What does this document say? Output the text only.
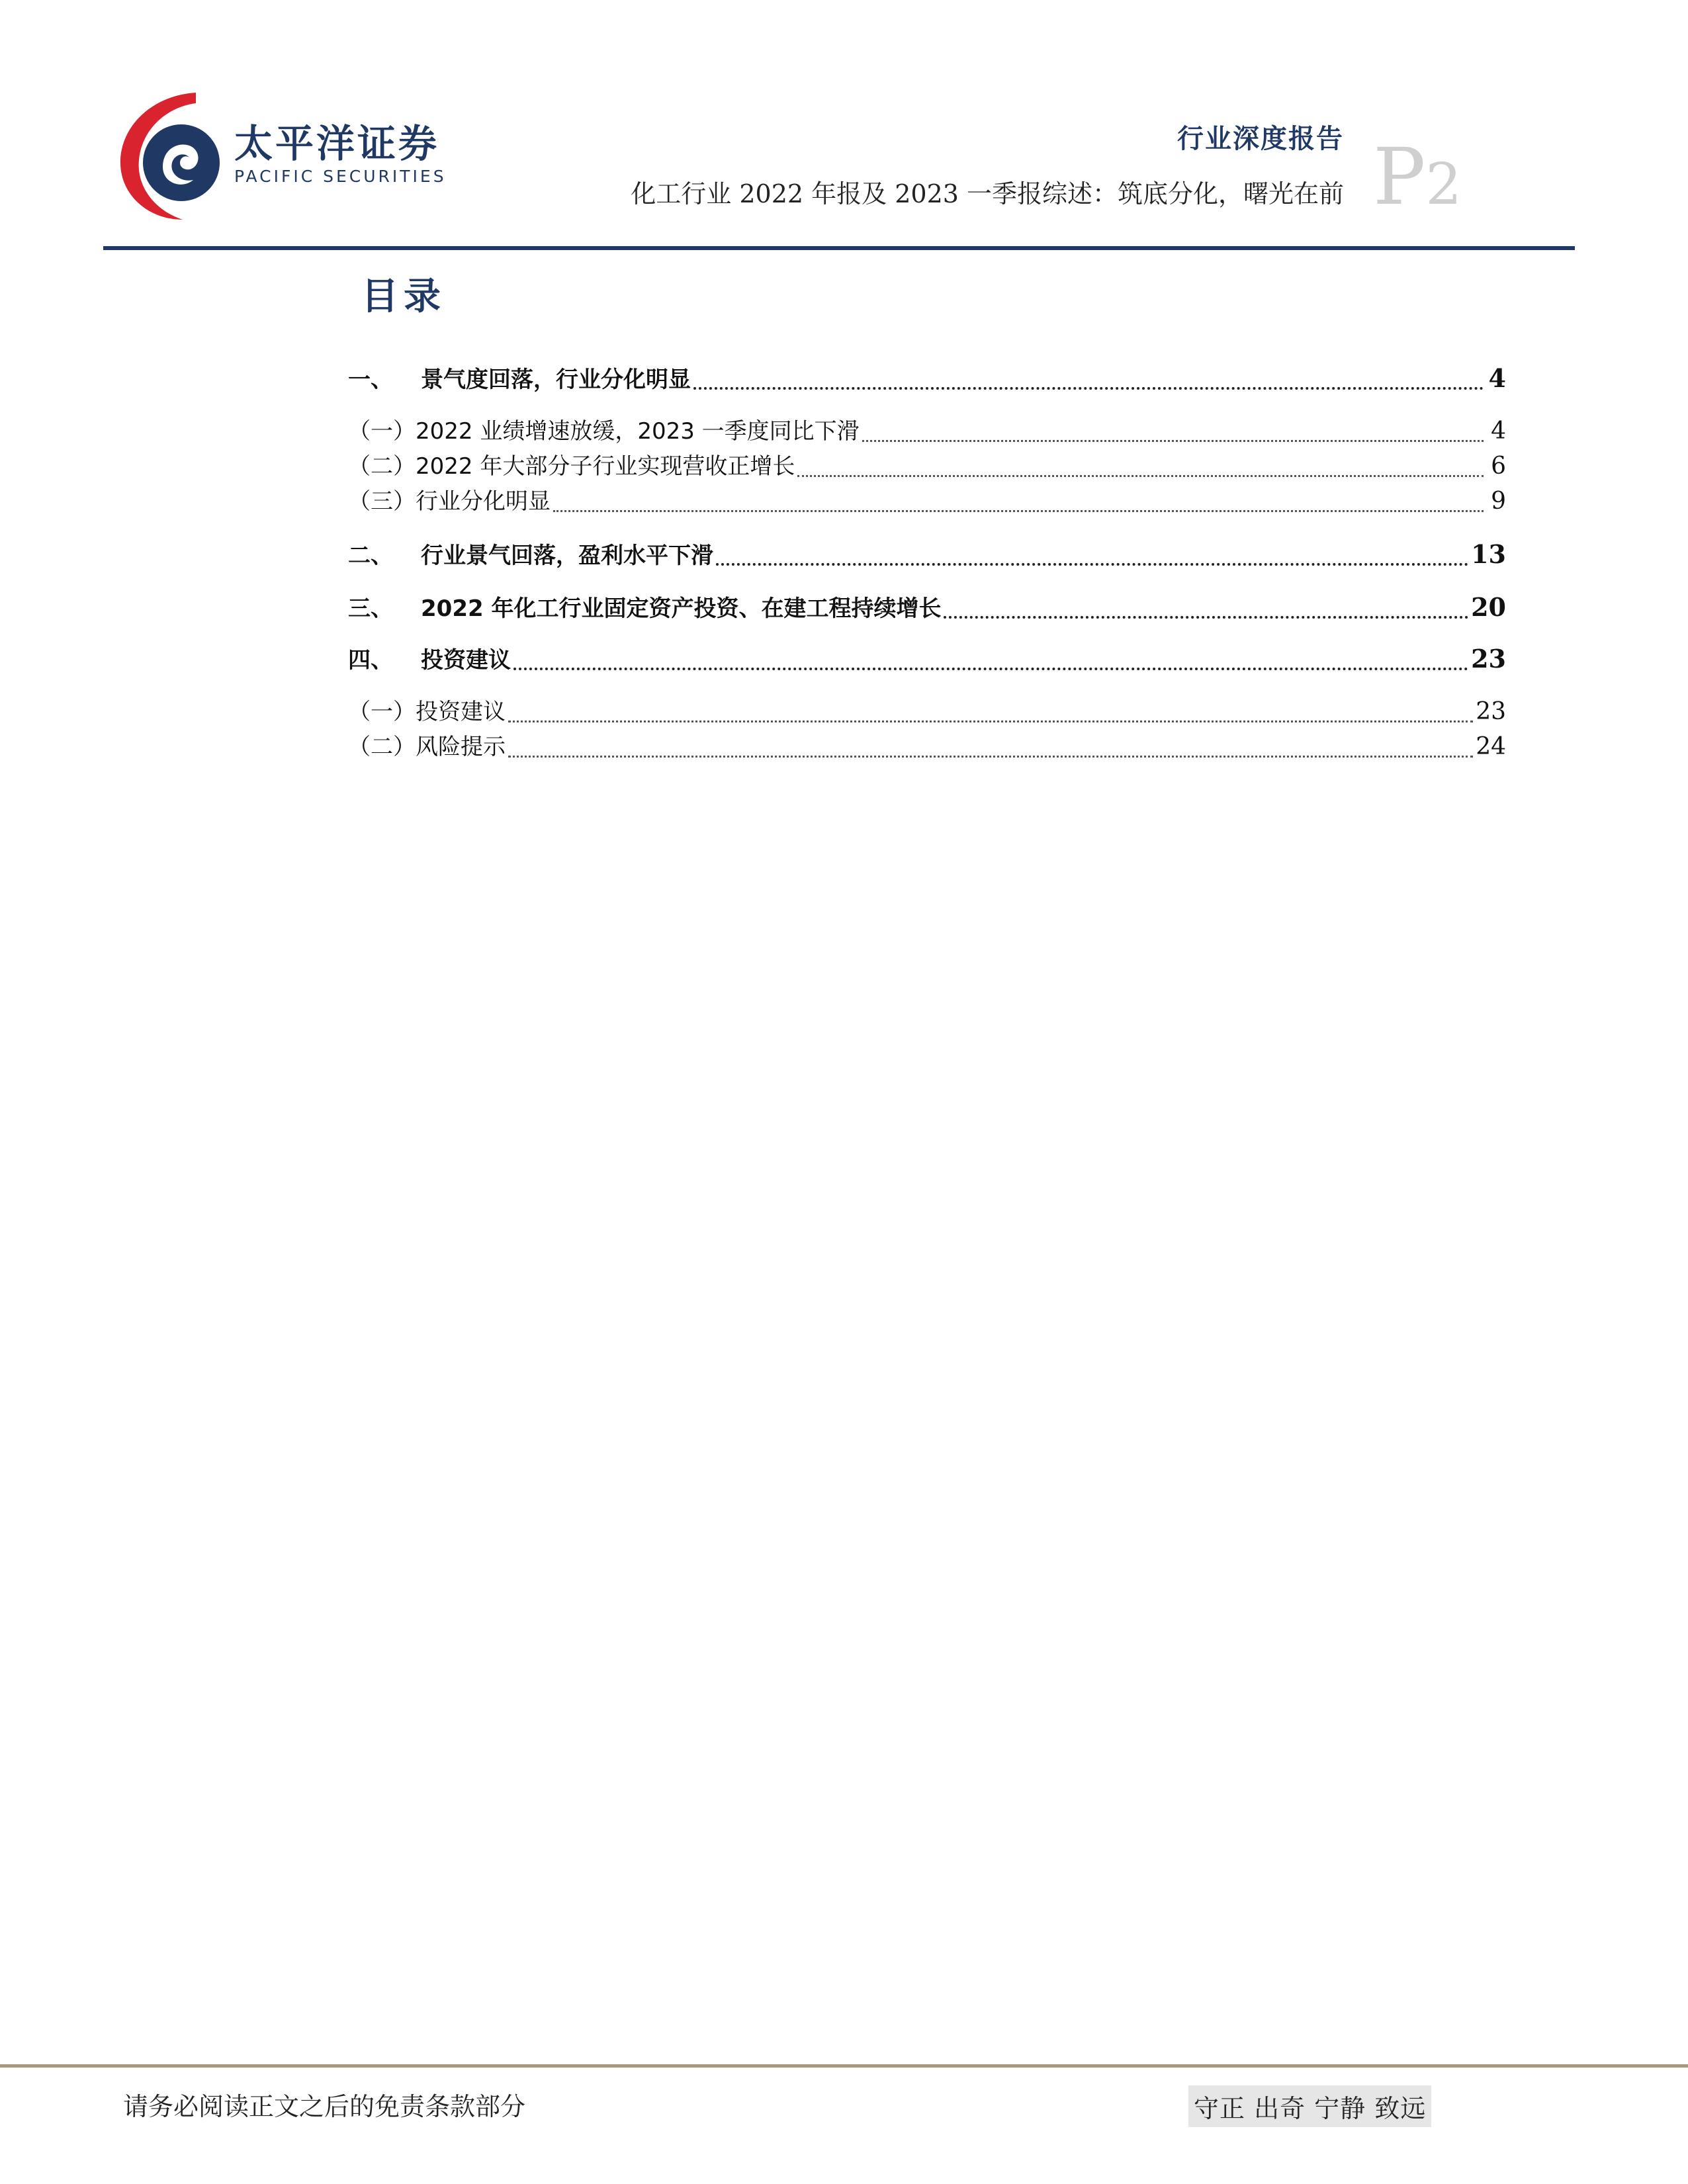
太平洋证券
PACIFIC SECURITIES
行业深度报告
化工行业 2022 年报及 2023 一季报综述：筑底分化，曙光在前 P2
目录
一、	景气度回落，行业分化明显	4
（一）2022 业绩增速放缓，2023 一季度同比下滑	4
（二）2022 年大部分子行业实现营收正增长	6
（三）行业分化明显	9
二、	行业景气回落，盈利水平下滑	13
三、	2022 年化工行业固定资产投资、在建工程持续增长	20
四、	投资建议	23
（一）投资建议	23
（二）风险提示	24
请务必阅读正文之后的免责条款部分	守正 出奇 宁静 致远
